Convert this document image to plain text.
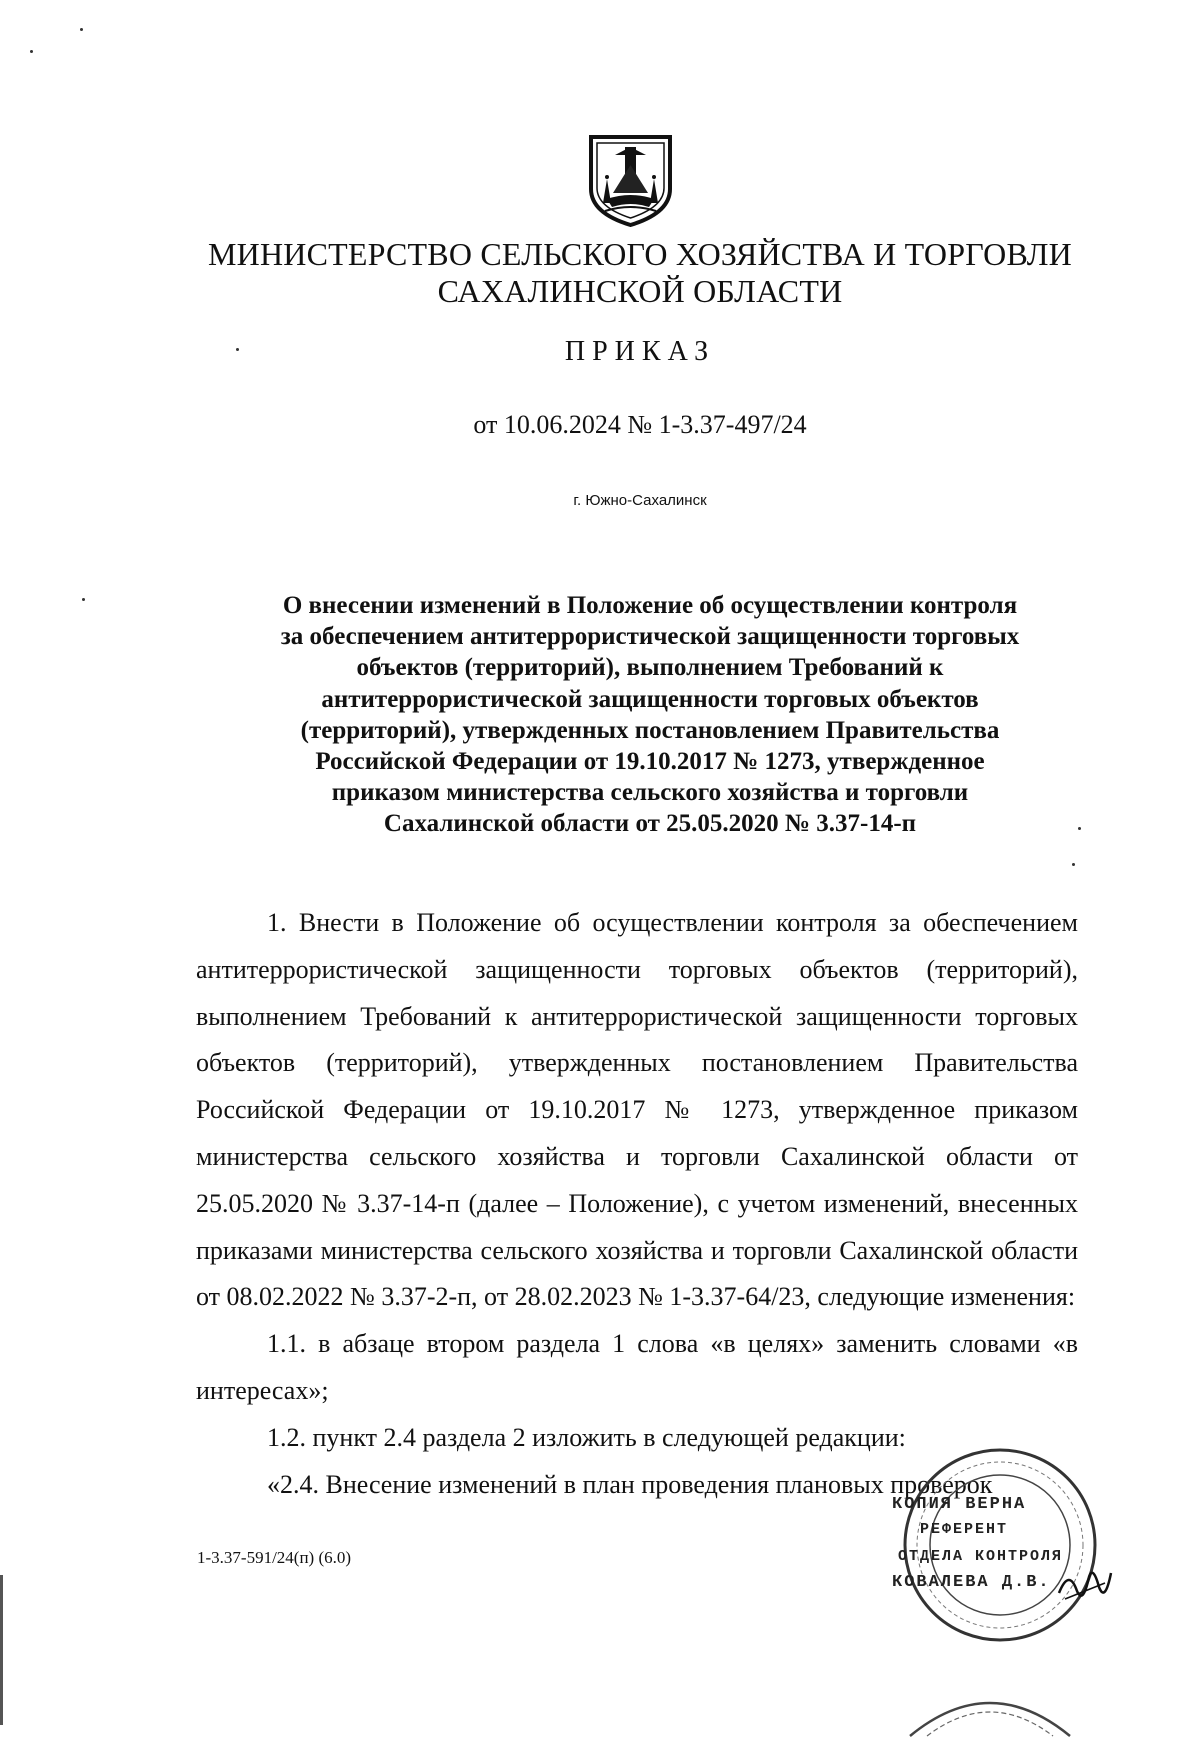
МИНИСТЕРСТВО СЕЛЬСКОГО ХОЗЯЙСТВА И ТОРГОВЛИ
САХАЛИНСКОЙ ОБЛАСТИ
ПРИКАЗ
от 10.06.2024 № 1-3.37-497/24
г. Южно-Сахалинск
О внесении изменений в Положение об осуществлении контроля
за обеспечением антитеррористической защищенности торговых
объектов (территорий), выполнением Требований к
антитеррористической защищенности торговых объектов
(территорий), утвержденных постановлением Правительства
Российской Федерации от 19.10.2017 № 1273, утвержденное
приказом министерства сельского хозяйства и торговли
Сахалинской области от 25.05.2020 № 3.37-14-п

1. Внести в Положение об осуществлении контроля за обеспечением антитеррористической защищенности торговых объектов (территорий), выполнением Требований к антитеррористической защищенности торговых объектов (территорий), утвержденных постановлением Правительства Российской Федерации от 19.10.2017 № 1273, утвержденное приказом министерства сельского хозяйства и торговли Сахалинской области от 25.05.2020 № 3.37-14-п (далее – Положение), с учетом изменений, внесенных приказами министерства сельского хозяйства и торговли Сахалинской области от 08.02.2022 № 3.37-2-п, от 28.02.2023 № 1-3.37-64/23, следующие изменения:

1.1. в абзаце втором раздела 1 слова «в целях» заменить словами «в интересах»;

1.2. пункт 2.4 раздела 2 изложить в следующей редакции:

«2.4. Внесение изменений в план проведения плановых проверок

1-3.37-591/24(п) (6.0)
КОПИЯ ВЕРНА
РЕФЕРЕНТ
ОТДЕЛА КОНТРОЛЯ
КОВАЛЕВА Д.В.
